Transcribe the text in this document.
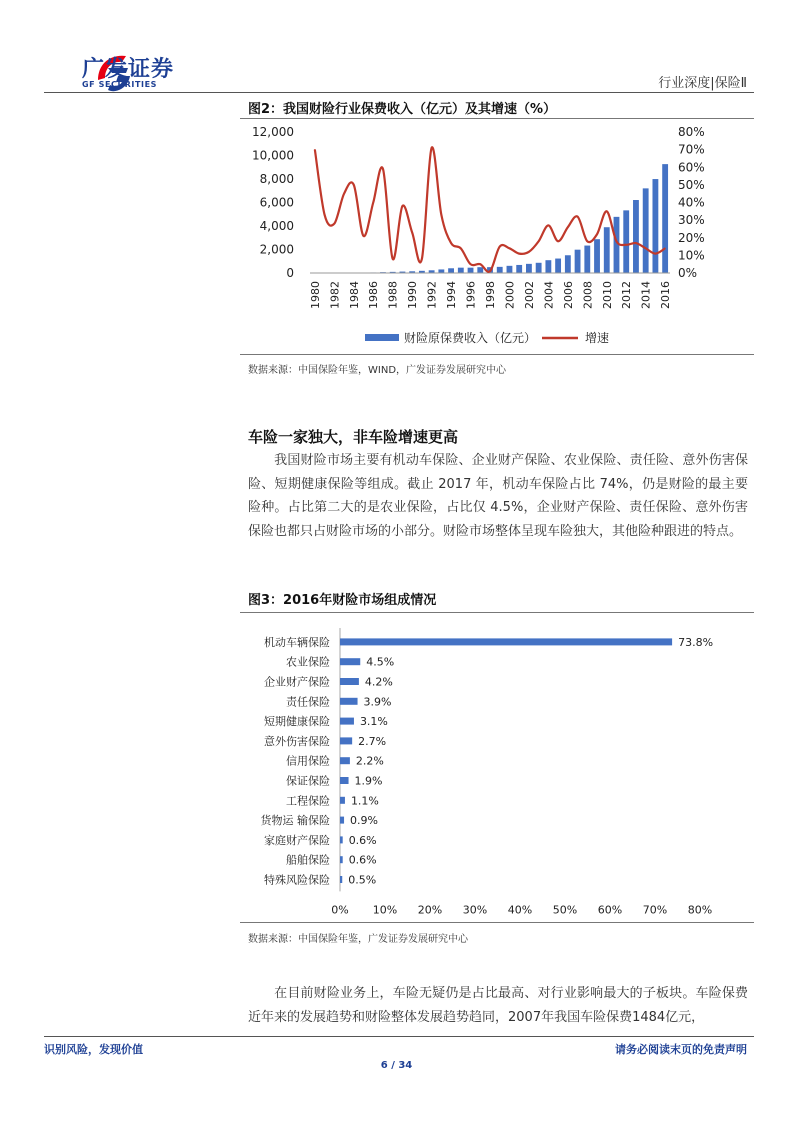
广发证券
GF SECURITIES	行业深度|保险Ⅱ
图2：我国财险行业保费收入（亿元）及其增速（%）
0
2,000
4,000
6,000
8,000
10,000
12,000
0%
10%
20%
30%
40%
50%
60%
70%
80%
1980 1982 1984 1986 1988 1990 1992 1994 1996 1998 2000 2002 2004 2006 2008 2010 2012 2014 2016
财险原保费收入（亿元）	增速
数据来源：中国保险年鉴，WIND，广发证券发展研究中心
车险一家独大，非车险增速更高
我国财险市场主要有机动车保险、企业财产保险、农业保险、责任险、意外伤害保险、短期健康保险等组成。截止 2017 年，机动车保险占比 74%，仍是财险的最主要险种。占比第二大的是农业保险，占比仅 4.5%，企业财产保险、责任保险、意外伤害保险也都只占财险市场的小部分。财险市场整体呈现车险独大，其他险种跟进的特点。
图3：2016年财险市场组成情况
机动车辆保险	73.8%
农业保险	4.5%
企业财产保险	4.2%
责任保险	3.9%
短期健康保险	3.1%
意外伤害保险	2.7%
信用保险 2.2%
保证保险 1.9%
工程保险 1.1%
货物运 输保险 0.9%
家庭财产保险 0.6%
船舶保险 0.6%
特殊风险保险 0.5%
0% 10% 20% 30% 40% 50% 60% 70% 80%
数据来源：中国保险年鉴，广发证券发展研究中心
在目前财险业务上，车险无疑仍是占比最高、对行业影响最大的子板块。车险保费近年来的发展趋势和财险整体发展趋势趋同，2007年我国车险保费1484亿元，
识别风险，发现价值	请务必阅读末页的免责声明
6 / 34
